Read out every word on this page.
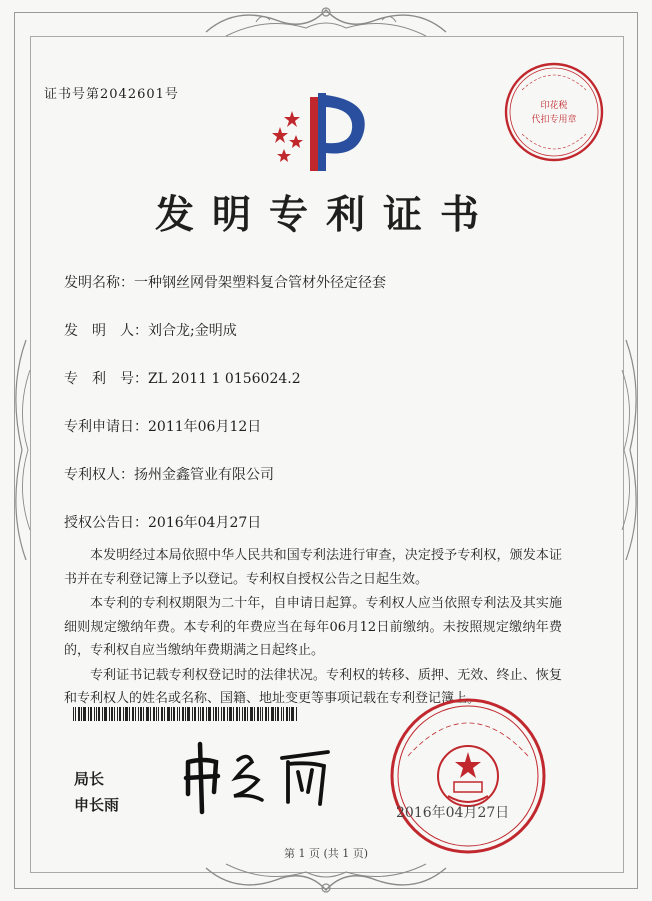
证书号第2042601号
印花税
代扣专用章
发明专利证书
发明名称：一种钢丝网骨架塑料复合管材外径定径套
发　明　人：刘合龙;金明成
专　利　号：ZL 2011 1 0156024.2
专利申请日：2011年06月12日
专利权人：扬州金鑫管业有限公司
授权公告日：2016年04月27日

本发明经过本局依照中华人民共和国专利法进行审查，决定授予专利权，颁发本证书并在专利登记簿上予以登记。专利权自授权公告之日起生效。

本专利的专利权期限为二十年，自申请日起算。专利权人应当依照专利法及其实施细则规定缴纳年费。本专利的年费应当在每年06月12日前缴纳。未按照规定缴纳年费的，专利权自应当缴纳年费期满之日起终止。

专利证书记载专利权登记时的法律状况。专利权的转移、质押、无效、终止、恢复和专利权人的姓名或名称、国籍、地址变更等事项记载在专利登记簿上。

局长
申长雨	2016年04月27日
第 1 页 (共 1 页)
